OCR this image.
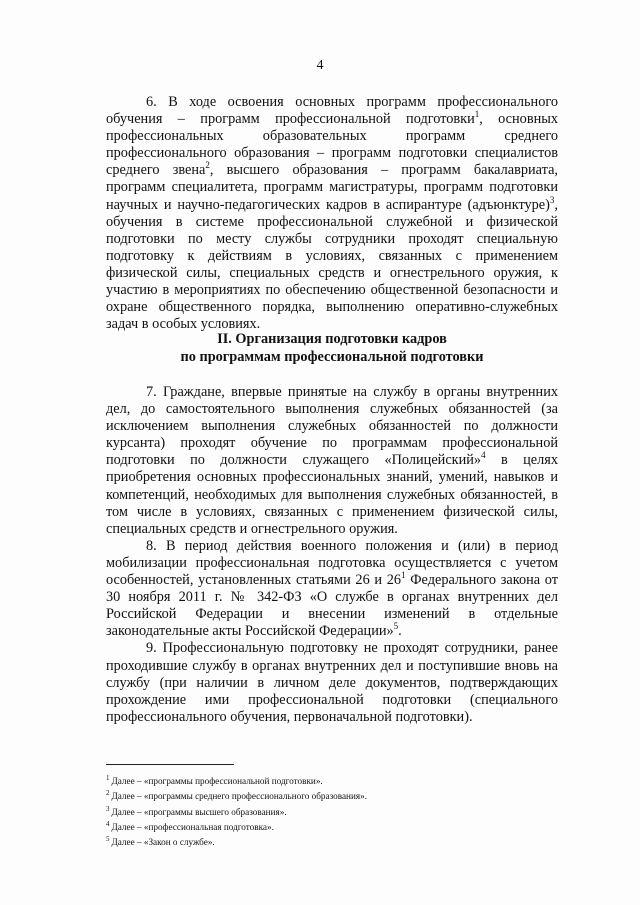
4

6. В ходе освоения основных программ профессионального обучения – программ профессиональной подготовки$^1$, основных профессиональных образовательных программ среднего профессионального образования – программ подготовки специалистов среднего звена$^2$, высшего образования – программ бакалавриата, программ специалитета, программ магистратуры, программ подготовки научных и научно-педагогических кадров в аспирантуре (адъюнктуре)$^3$, обучения в системе профессиональной служебной и физической подготовки по месту службы сотрудники проходят специальную подготовку к действиям в условиях, связанных с применением физической силы, специальных средств и огнестрельного оружия, к участию в мероприятиях по обеспечению общественной безопасности и охране общественного порядка, выполнению оперативно-служебных задач в особых условиях.

II. Организация подготовки кадров
по программам профессиональной подготовки

7. Граждане, впервые принятые на службу в органы внутренних дел, до самостоятельного выполнения служебных обязанностей (за исключением выполнения служебных обязанностей по должности курсанта) проходят обучение по программам профессиональной подготовки по должности служащего «Полицейский»$^4$ в целях приобретения основных профессиональных знаний, умений, навыков и компетенций, необходимых для выполнения служебных обязанностей, в том числе в условиях, связанных с применением физической силы, специальных средств и огнестрельного оружия.

8. В период действия военного положения и (или) в период мобилизации профессиональная подготовка осуществляется с учетом особенностей, установленных статьями 26 и $26^1$ Федерального закона от 30 ноября 2011 г. № 342-ФЗ «О службе в органах внутренних дел Российской Федерации и внесении изменений в отдельные законодательные акты Российской Федерации»$^5$.

9. Профессиональную подготовку не проходят сотрудники, ранее проходившие службу в органах внутренних дел и поступившие вновь на службу (при наличии в личном деле документов, подтверждающих прохождение ими профессиональной подготовки (специального профессионального обучения, первоначальной подготовки).

$^1$ Далее – «программы профессиональной подготовки».
$^2$ Далее – «программы среднего профессионального образования».
$^3$ Далее – «программы высшего образования».
$^4$ Далее – «профессиональная подготовка».
$^5$ Далее – «Закон о службе».
